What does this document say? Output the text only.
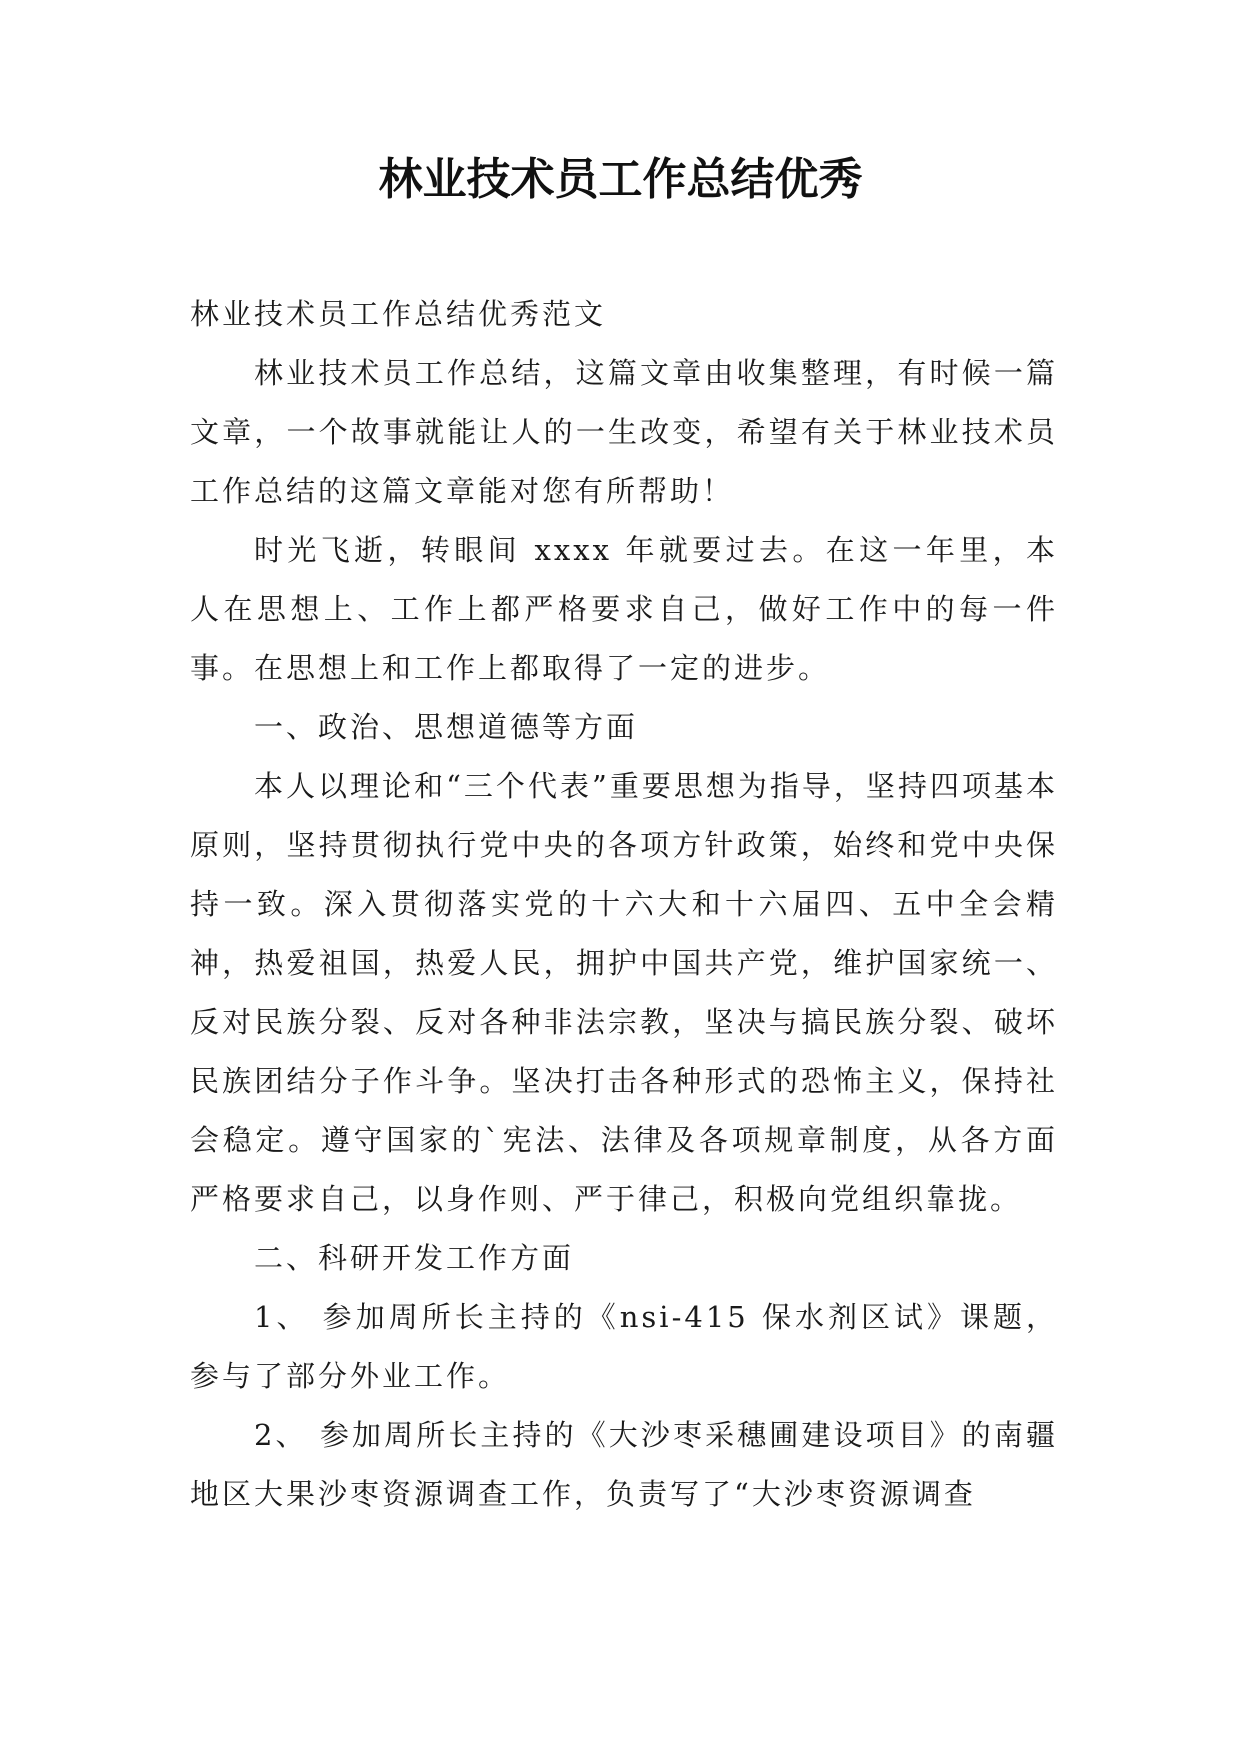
林业技术员工作总结优秀

林业技术员工作总结优秀范文

林业技术员工作总结，这篇文章由收集整理，有时候一篇文章，一个故事就能让人的一生改变，希望有关于林业技术员工作总结的这篇文章能对您有所帮助！

时光飞逝，转眼间 xxxx 年就要过去。在这一年里，本人在思想上、工作上都严格要求自己，做好工作中的每一件事。在思想上和工作上都取得了一定的进步。

一、政治、思想道德等方面

本人以理论和“三个代表”重要思想为指导，坚持四项基本原则，坚持贯彻执行党中央的各项方针政策，始终和党中央保持一致。深入贯彻落实党的十六大和十六届四、五中全会精神，热爱祖国，热爱人民，拥护中国共产党，维护国家统一、反对民族分裂、反对各种非法宗教，坚决与搞民族分裂、破坏民族团结分子作斗争。坚决打击各种形式的恐怖主义，保持社会稳定。遵守国家的`宪法、法律及各项规章制度，从各方面严格要求自己，以身作则、严于律己，积极向党组织靠拢。

二、科研开发工作方面

1、 参加周所长主持的《nsi-415 保水剂区试》课题，参与了部分外业工作。

2、 参加周所长主持的《大沙枣采穗圃建设项目》的南疆地区大果沙枣资源调查工作，负责写了“大沙枣资源调查
